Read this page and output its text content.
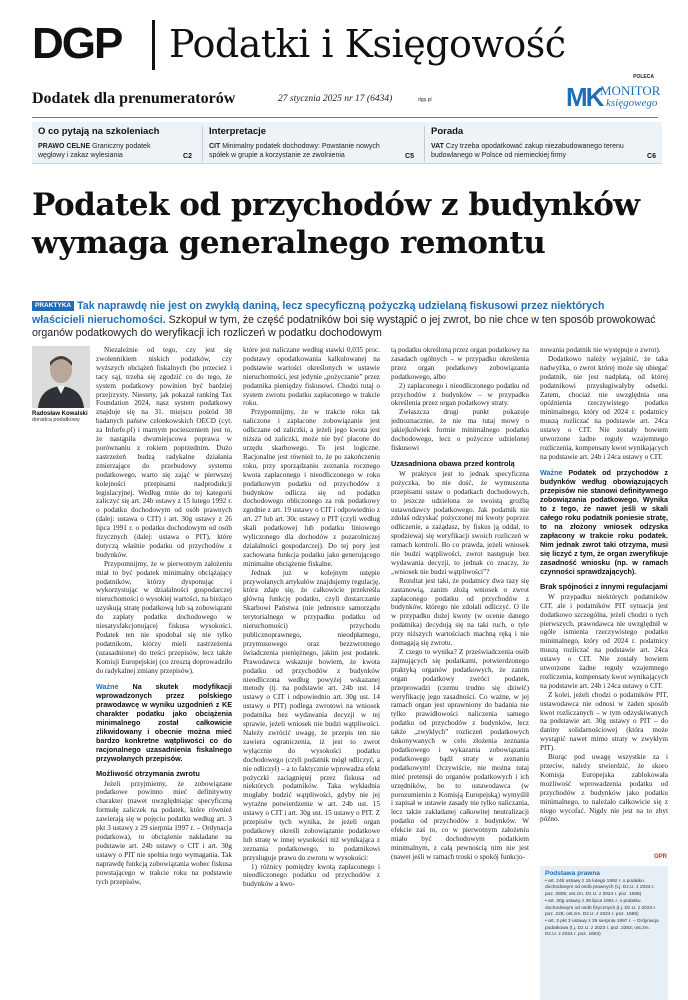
DGP Podatki i Księgowość
Dodatek dla prenumeratorów	27 stycznia 2025 nr 17 (6434)	dgp.pl
POLECA
MK
MONITOR
księgowego
O co pytają na szkoleniach
PRAWO CELNE Graniczny podatek węglowy i zakaz wylesiania	C2
Interpretacje
CIT Minimalny podatek dochodowy: Powstanie nowych spółek w grupie a korzystanie ze zwolnienia	C5
Porada
VAT Czy trzeba opodatkować zakup niezabudowanego terenu budowlanego w Polsce od niemieckiej firmy	C6
Podatek od przychodów z budynków wymaga generalnego remontu
PRAKTYKA Tak naprawdę nie jest on zwykłą daniną, lecz specyficzną pożyczką udzielaną fiskusowi przez niektórych właścicieli nieruchomości. Szkopuł w tym, że część podatników boi się wystąpić o jej zwrot, bo nie chce w ten sposób prowokować organów podatkowych do weryfikacji ich rozliczeń w podatku dochodowym
Radosław Kowalski
doradca podatkowy

Niezależnie od tego, czy jest się zwolennikiem niskich podatków, czy wyższych obciążeń fiskalnych (bo przecież i tacy są), trzeba się zgodzić co do tego, że system podatkowy powinien być bardziej przejrzysty. Niestety, jak pokazał ranking Tax Foundation 2024, nasz system podatkowy znajduje się na 31. miejscu pośród 38 badanych państw członkowskich OECD (cyt. za Inforfe.pl) i marnym pocieszeniem jest to, że nastąpiła dwumiejscowa poprawa w porównaniu z rokiem poprzednim. Dużo zastrzeżeń budzą radykalne działania zmierzające do przebudowy systemu podatkowego, warto się zająć w pierwszej kolejności przepisami nadprodukcji legislacyjnej. Według mnie do tej kategorii zaliczyć się art. 24b ustawy z 15 lutego 1992 r. o podatku dochodowym od osób prawnych (dalej: ustawa o CIT) i art. 30g ustawy z 26 lipca 1991 r. o podatku dochodowym od osób fizycznych (dalej: ustawa o PIT), które dotyczą właśnie podatku od przychodów z budynków.

Przypomnijmy, że w pierwotnym założeniu miał to być podatek minimalny obciążający podatników, którzy dysponując i wykorzystując w działalności gospodarczej nieruchomości o wysokiej wartości, na bieżąco uzyskują stratę podatkową lub są zobowiązani do zapłaty podatku dochodowego w niesatysfakcjonującej fiskusa wysokości. Podatek ten nie spodobał się nie tylko podatnikom, którzy mieli zastrzeżenia (uzasadnione) do treści przepisów, lecz także Komisji Europejskiej (co zresztą doprowadziło do radykalnej zmiany przepisów).

Ważne Na skutek modyfikacji wprowadzonych przez polskiego prawodawcę w wyniku uzgodnień z KE charakter podatku jako obciążenia minimalnego został całkowicie zlikwidowany i obecnie można mieć bardzo konkretne wątpliwości co do racjonalnego uzasadnienia fiskalnego przywołanych przepisów.
Możliwość otrzymania zwrotu

Jeżeli przyjmiemy, że zobowiązane podatkowe powinno mieć definitywny charakter (nawet uwzględniając specyficzną formułę zaliczek na podatek, które również zawierają się w pojęciu podatku według art. 3 pkt 3 ustawy z 29 sierpnia 1997 r. – Ordynacja podatkowa), to obciążenie nakładane na podstawie art. 24b ustawy o CIT i art. 30g ustawy o PIT nie spełnia tego wymagania. Tak naprawdę funkcją zobowiązania wobec fiskusa powstającego w trakcie roku na podstawie tych przepisów,

które jest naliczane według stawki 0,035 proc. podstawy opodatkowania kalkulowanej na podstawie wartości określonych w ustawie nieruchomości, jest jedynie „pożyczanie” przez podatnika pieniędzy fiskusowi. Chodzi tutaj o system zwrotu podatku zapłaconego w trakcie roku.

Przypomnijmy, że w trakcie roku tak naliczone i zapłacone zobowiązanie jest odliczane od zaliczki, a jeżeli jego kwota jest niższa od zaliczki, może nie być płacone do urzędu skarbowego. To jest logiczne. Racjonalne jest również to, że po zakończeniu roku, przy sporządzaniu zeznania rocznego kwota zapłaconego i nieodliczonego w roku podatkowym podatku od przychodów z budynków odlicza się od podatku dochodowego obliczonego za rok podatkowy zgodnie z art. 19 ustawy o CIT i odpowiednio z art. 27 lub art. 30c ustawy o PIT (czyli według skali podatkowej lub podatku liniowego wyliczonego dla dochodów z pozarolniczej działalności gospodarczej). Do tej pory jest zachowana funkcja podatku jako generującego minimalne obciążenie fiskalne.

Jednak już w kolejnym ustępie przywołanych artykułów znajdujemy regulację, która zdaje się, że całkowicie przekreśla główną funkcję podatku, czyli dostarczanie Skarbowi Państwa (nie jednostce samorządu terytorialnego w przypadku podatku od nieruchomości) przychodu publicznoprawnego, nieodpłatnego, przymusowego oraz bezzwrotnego świadczenia pieniężnego, jakim jest podatek. Prawodawca wskazuje bowiem, że kwota podatku od przychodów z budynków nieodliczona według powyżej wskazanej metody (tj. na podstawie art. 24b ust. 14 ustawy o CIT i odpowiednio art. 30g ust. 14 ustawy o PIT) podlega zwrotowi na wniosek podatnika bez wydawania decyzji w tej sprawie, jeżeli wniosek nie budzi wątpliwości. Należy zwrócić uwagę, że przepis ten nie zawiera ograniczenia, iż jest to zwrot wyłącznie do wysokości podatku dochodowego (czyli podatnik mógł odliczyć, a nie odliczył) – a to faktycznie wprowadza efekt pożyczki zaciągniętej przez fiskusa od niektórych podatników. Taka wykładnia mogłaby budzić wątpliwości, gdyby nie jej wyraźne potwierdzenie w art. 24b ust. 15 ustawy o CIT i art. 30g ust. 15 ustawy o PIT. Z przepisów tych wynika, że jeżeli organ podatkowy określi zobowiązanie podatkowe lub stratę w innej wysokości niż wynikająca z zeznania podatkowego, to podatnikowi przysługuje prawo do zwrotu w wysokości:

1) różnicy pomiędzy kwotą zapłaconego i nieodliczonego podatku od przychodów z budynków a kwo-

tą podatku określoną przez organ podatkowy na zasadach ogólnych – w przypadku określenia przez organ podatkowy zobowiązania podatkowego, albo

2) zapłaconego i nieodliczonego podatku od przychodów z budynków – w przypadku określenia przez organ podatkowy straty.

Zwłaszcza drugi punkt pokazuje jednoznacznie, że nie ma tutaj mowy o jakiejkolwiek formie minimalnego podatku dochodowego, lecz o pożyczce udzielonej fiskusowi

Uzasadniona obawa przed kontrolą

W praktyce jest to jednak specyficzna pożyczka, bo nie dość, że wymuszona przepisami ustaw o podatkach dochodowych, to jeszcze udzielona ze swoistą groźbą ustawodawcy podatkowego. Jak podatnik nie zdołaś odzyskać pożyczonej mi kwoty poprzez odliczenie, a zażądasz, by fiskus ją oddał, to spodziewaj się weryfikacji swoich rozliczeń w ramach kontroli. Bo co prawda, jeżeli wniosek nie budzi wątpliwości, zwrot następuje bez wydawania decyzji, to jednak co znaczy, że „wniosek nie budzi wątpliwości”?

Rezultat jest taki, że podatnicy dwa razy się zastanowią, zanim złożą wniosek o zwrot zapłaconego podatku od przychodów z budynków, którego nie zdołali odliczyć. O ile w przypadku dużej kwoty (w ocenie danego podatnika) decydują się na taki ruch, o tyle przy niższych wartościach machną ręką i nie domagają się zwrotu.

Z czego to wynika? Z przeświadczenia osób zajmujących się podatkami, potwierdzonego praktyką organów podatkowych, że zanim organ podatkowy zwróci podatek, przeprowadzi (czemu trudno się dziwić) weryfikację jego zasadności. Co ważne, w jej ramach organ jest uprawniony do badania nie tylko prawidłowości naliczenia samego podatku od przychodów z budynków, lecz także „zwykłych” rozliczeń podatkowych dokonywanych w celu złożenia zeznania podatkowego i wykazania zobowiązania podatkowego bądź straty w zeznaniu podatkowym! Oczywiście, nie można tutaj mieć pretensji do organów podatkowych i ich urzędników, bo to ustawodawca (w porozumieniu z Komisją Europejską) wymyślił i zapisał w ustawie zasady nie tylko naliczania, lecz także zakładanej całkowitej neutralizacji podatku od przychodów z budynków. W efekcie zaś to, co w pierwotnym założeniu miało być dochodowym podatkiem minimalnym, z całą pewnością nim nie jest (nawet jeśli w ramach troski o spokój funkcjo-

nowania podatnik nie występuje o zwrot).

Dodatkowo należy wyjaśnić, że taka nadwyżka, o zwrot której może się ubiegać podatnik, nie jest nadpłatą, od której podatnikowi przysługiwałyby odsetki. Zatem, chociaż nie uwzględnia ona opóźnienia rzeczywistego podatku minimalnego, który od 2024 r. podatnicy muszą rozliczać na podstawie art. 24ca ustawy o CIT. Nie zostały bowiem utworzone żadne reguły wzajemnego rozliczenia, kompensaty kwot wynikających na podstawie art. 24b i 24ca ustawy o CIT.

Ważne Podatek od przychodów z budynków według obowiązujących przepisów nie stanowi definitywnego zobowiązania podatkowego. Wynika to z tego, że nawet jeśli w skali całego roku podatnik poniesie stratę, to na złożony wniosek odzyska zapłacony w trakcie roku podatek. Nim jednak zwrot taki otrzyma, musi się liczyć z tym, że organ zweryfikuje zasadność wniosku (np. w ramach czynności sprawdzających).
Brak spójności z innymi regulacjami

W przypadku niektórych podatników CIT, ale i podatników PIT sytuacja jest dodatkowo szczególna, jeżeli chodzi o tych pierwszych, prawodawca nie uwzględnił w ogóle istnienia rzeczywistego podatku minimalnego, który od 2024 r. podatnicy muszą rozliczać na podstawie art. 24ca ustawy o CIT. Nie zostały bowiem utworzone żadne reguły wzajemnego rozliczenia, kompensaty kwot wynikających na podstawie art. 24b i 24ca ustawy o CIT.

Z kolei, jeżeli chodzi o podatników PIT, ustawodawca nie odnosi w żaden sposób kwot rozliczanych – w tym odzyskiwanych na podstawie art. 30g ustawy o PIT – do daniny solidarnościowej (która może wystąpić nawet mimo straty w zwykłym PIT).

Biorąc pod uwagę wszystkie za i przeciw, należy stwierdzić, że skoro Komisja Europejska zablokowała możliwość wprowadzenia podatku od przychodów z budynków jako podatku minimalnego, to należało całkowicie się z niego wycofać. Nigdy nie jest na to zbyt późno.

OPR
Podstawa prawna
• art. 24b ustawy z 15 lutego 1992 r. o podatku dochodowym od osób prawnych (t.j. Dz.U. z 2023 r. poz. 2805; ost.zm. Dz.U. z 2024 r. poz. 1685)
• art. 30g ustawy z 26 lipca 1991 r. o podatku dochodowym od osób fizycznych (t.j. Dz.U. z 2024 r. poz. 226; ost.zm. Dz.U. z 2024 r. poz. 1685)
• art. 3 pkt 3 ustawy z 29 sierpnia 1997 r. – Ordynacja podatkowa (t.j. Dz.U. z 2023 r. poz. 2383; ost.zm. Dz.U. z 2024 r. poz. 1853)
